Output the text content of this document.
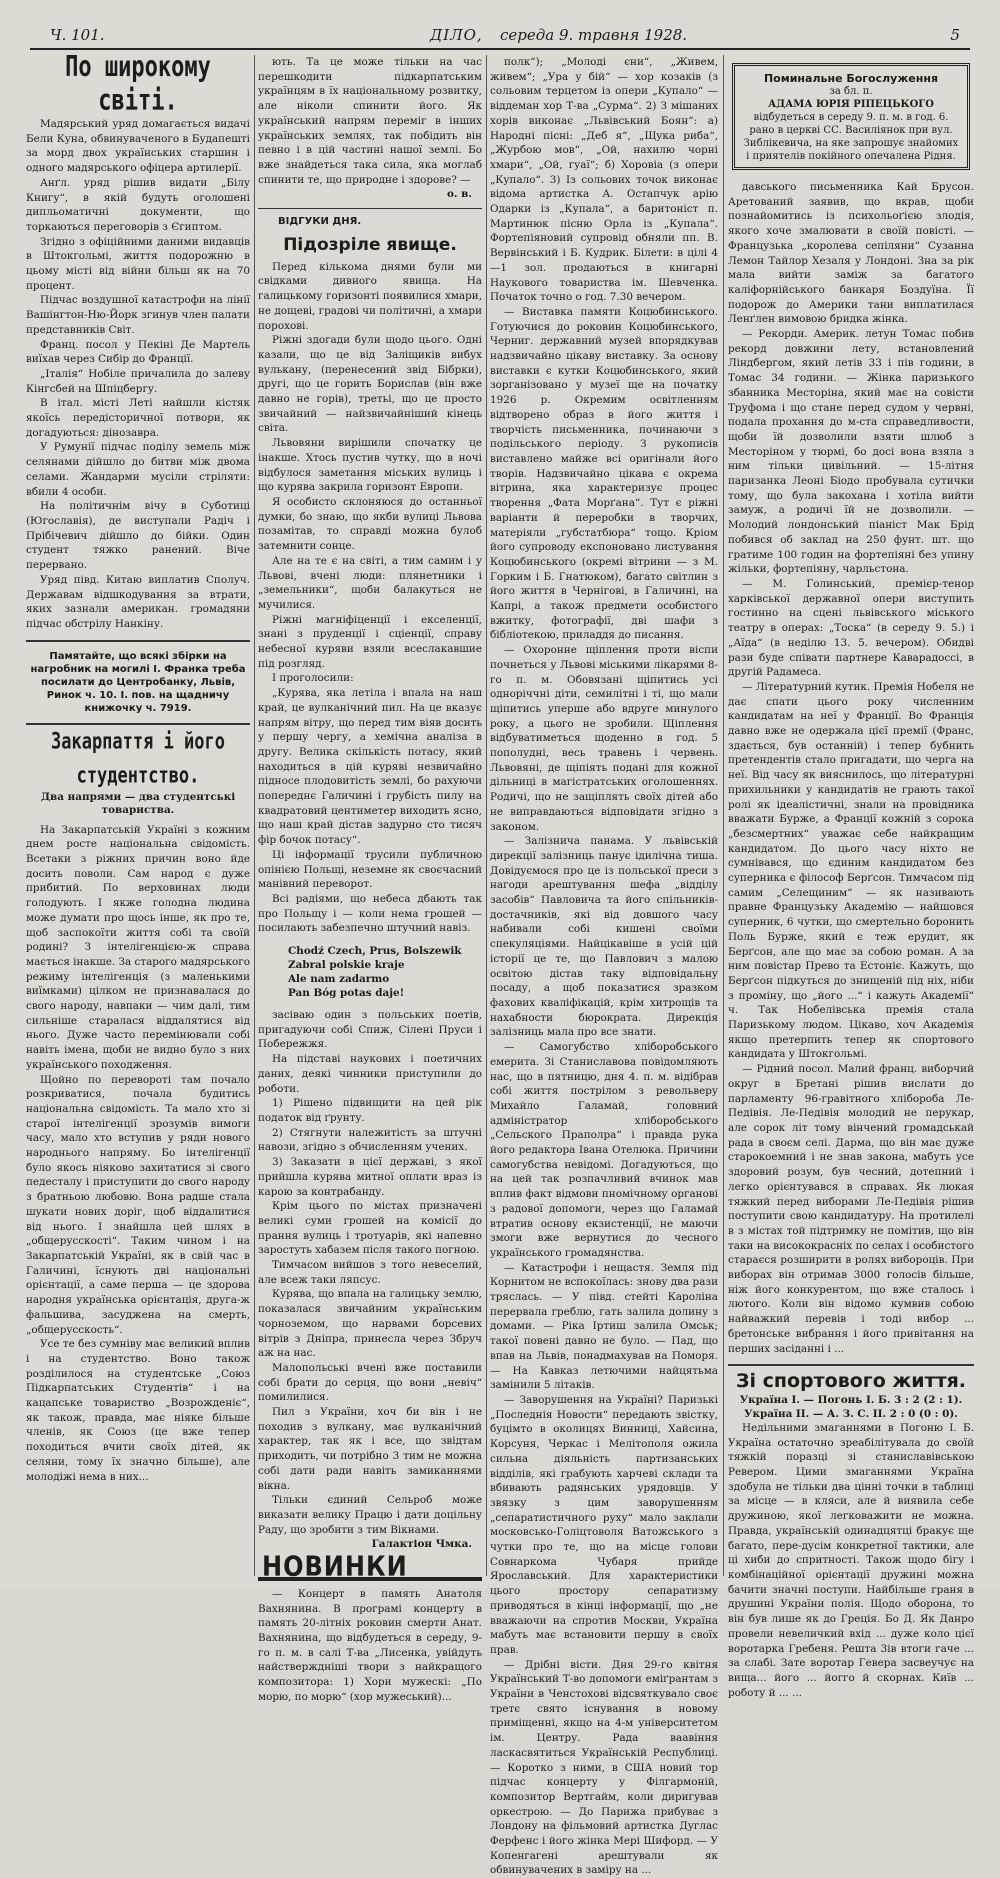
Ч. 101.	ДІЛО, середа 9. травня 1928.	5
По широкому світі.

Мадярський уряд домагається видачі Бели Куна, обвинуваченого в Будапешті за морд двох українських старшин і одного мадярського офіцера артилерії.

Анґл. уряд рішив видати „Білу Книгу“, в якій будуть оголошені дипльоматичні документи, що торкаються переговорів з Єгиптом.

Згідно з офіційними даними видавців в Штокгольмі, життя подорожню в цьому місті від війни більш як на 70 процент.

Підчас воздушної катастрофи на лінії Вашінгтон-Ню-Йорк згинув член палати представників Світ.

Франц. посол у Пекіні Де Мартель виїхав через Сибір до Франції.

„Італія“ Нобіле причалила до залеву Кінгсбей на Шпіцбергу.

В італ. місті Леті найшли кістяк якоїсь передісторичної потвори, як догадуються: дінозавра.

У Румунії підчас поділу земель між селянами дійшло до битви між двома селами. Жандарми мусіли стріляти: вбили 4 особи.

На політичнім вічу в Суботиці (Югославія), де виступали Радіч і Прібічевич дійшло до бійки. Один студент тяжко ранений. Віче перервано.

Уряд півд. Китаю виплатив Сполуч. Державам відшкодування за втрати, яких зазнали американ. громадяни підчас обстрілу Нанкіну.

Памятайте, що всякі збірки на нагробник на могилі І. Франка треба посилати до Центробанку, Львів, Ринок ч. 10. І. пов. на щадничу книжочку ч. 7919.
Закарпаття і його студентство.
Два напрями — два студентські товариства.

На Закарпатській Україні з кожним днем росте національна свідомість. Всетаки з ріжних причин воно йде досить поволи. Сам народ є дуже прибитий. По верховинах люди голодують. І якже голодна людина може думати про щось інше, як про те, щоб заспокоїти життя собі та своїй родині? З інтелігенцією-ж справа мається інакше. За старого мадярського режиму інтелігенція (з маленькими виїмками) цілком не признавалася до свого народу, навпаки — чим далі, тим сильніше старалася віддалятися від нього. Дуже часто перемінювали собі навіть імена, щоби не видно було з них українського походження.

Щойно по перевороті там почало розкриватися, почала будитись національна свідомість. Та мало хто зі старої інтелігенції зрозумів вимоги часу, мало хто вступив у ряди нового народнього напряму. Бо інтелігенції було якось ніяково захитатися зі свого педесталу і приступити до свого народу з братньою любовю. Вона радше стала шукати нових доріг, щоб віддалитися від нього. І знайшла цей шлях в „общерусскості“. Таким чином і на Закарпатській Україні, як в свій час в Галичині, їснують дві національні орієнтації, а саме перша — це здорова народня українська орієнтація, друга-ж фальшива, засуджена на смерть, „общерусскость“.

Усе те без сумніву має великий вплив і на студентство. Воно також розділилося на студентське „Союз Підкарпатських Студентів“ і на кацапське товариство „Возрожденіє“, як також, правда, має ніяке більше членів, як Союз (це вже тепер походиться вчити своїх дітей, як селяни, тому їх значно більше), але молодіжі нема в них...

ють. Та це може тільки на час перешкодити підкарпатським українцям в їх національному розвитку, але ніколи спинити його. Як український напрям переміг в інших українських землях, так побідить він певно і в цій частині нашої землі. Бо вже знайдеться така сила, яка моглаб спинити те, що природне і здорове? —

о. в.
ВІДГУКИ ДНЯ.
Підозріле явище.

Перед кількома днями були ми свідками дивного явища. На галицькому горизонті появилися хмари, не дощеві, градові чи політичні, а хмари порохові.

Ріжні здогади були щодо цього. Одні казали, що це від Заліщиків вибух вулькану, (перенесений звід Бібрки), другі, що це горить Борислав (він вже давно не горів), третьі, що це просто звичайний — найзвичайніший кінець світа.

Львовяни вирішили спочатку це інакше. Хтось пустив чутку, що в ночі відбулося заметання міських вулиць і що курява закрила горизонт Европи.

Я особисто склоняюся до останньої думки, бо знаю, що якби вулиці Львова позамітав, то справді можна булоб затемнити сонце.

Але на те є на світі, а тим самим і у Львові, вчені люди: плянетники і „земельники“, щоби балакуться не мучилися.

Ріжні магніфіценції і екселенції, знані з пруденції і сціенції, справу небесної куряви взяли всеслакавшие під розгляд.

І проголосили:

„Курява, яка летіла і впала на наш край, це вулканічний пил. На це вказує напрям вітру, що перед тим віяв досить у першу чергу, а хемічна аналіза в другу. Велика скількість потасу, який находиться в цій куряві незвичайно підносе плодовитість землі, бо рахуючи попереднє Галичині і грубість пилу на квадратовий центиметер виходить ясно, що наш край дістав задурно сто тисяч фір бочок потасу“.

Ці інформації трусили публичною опінією Польщі, неземне як своєчасний манівний переворот.

Всі радіями, що небеса дбають так про Польщу і — коли нема грошей — посилають забезпечно штучний навіз.

Chodź Czech, Prus, Bolszewik
Zabral polskie kraje
Ale nam zadarmo
Pan Bóg potas daje!

засіваю один з польських поетів, пригадуючи собі Спиж, Сілені Пруси і Побережжя.

На підставі наукових і поетичних даних, деякі чинники приступили до роботи.

1) Рішено підвищити на цей рік податок від ґрунту.

2) Стягнути належитість за штучні навози, згідно з обчисленням учених.

3) Заказати в цієї державі, з якої прийшла курява митної оплати враз із карою за контрабанду.

Крім цього по містах призначені великі суми грошей на комісії до прання вулиць і тротуарів, які напевно заростуть хабазем після такого погною.

Тимчасом вийшов з того невеселий, але всеж таки ляпсус.

Курява, що впала на галицьку землю, показалася звичайним українським чорноземом, що нарвами борсевих вітрів з Дніпра, принесла через Збруч аж на нас.

Малопольські вчені вже поставили собі брати до серця, що вони „невіч“ помилилися.

Пил з України, хоч би він і не походив з вулкану, має вулканічний характер, так як і все, що звідтам приходить, чи потрібно 3 тим не можна собі дати ради навіть замиканнями вікна.

Тільки єдиний Сельроб може виказати велику Працю і дати доцільну Раду, що зробити з тим Вікнами.

Галактіон Чмка.
НОВИНКИ

— Концерт в память Анатоля Вахнянина. В програмі концерту в память 20-літніх роковин смерти Анат. Вахнянина, що відбудеться в середу, 9-го п. м. в салі Т-ва „Лисенка, увійдуть найстверждніші твори з найкращого композитора: 1) Хори мужескі: „По морю, по морю“ (хор мужеський)...

полк“); „Молоді єни“, „Живем, живем“; „Ура у бій“ — хор козаків (з сольовим терцетом із опери „Купало“ — віддеман хор Т-ва „Сурма“. 2) З мішаних хорів виконає „Львівський Боян“: а) Народні пісні: „Деб я“, „Щука риба“, „Журбою мов“, „Ой, нахилю чорні хмари“, „Ой, гуаї“; б) Хоровіа (з опери „Купало“. 3) Із сольових точок виконає відома артистка А. Остапчук арію Одарки із „Купала“, а баритоніст п. Мартинюк пісню Орла із „Купала“. Фортепіяновий супровід обняли пп. В. Вервінський і Б. Кудрик. Білети: в цілі 4—1 зол. продаються в книгарні Наукового товариства ім. Шевченка. Початок точно о год. 7.30 вечером.

— Виставка памяти Коцюбинського. Готуючися до роковин Коцюбинського, Черниг. державний музей впорядкував надзвичайно цікаву виставку. За основу виставки є кутки Коцюбинського, який зорганізовано у музеї ще на початку 1926 р. Окремим освітленням відтворено образ в його життя і творчість письменника, починаючи з подільського періоду. З рукописів виставлено майже всі оригінали його творів. Надзвичайно цікава є окрема вітрина, яка характеризує процес творення „Фата Морґана“. Тут є ріжні варіанти й переробки в творчих, матеріяли „губстатбюра“ тощо. Кріом його супроводу експоновано листування Коцюбинського (окремі вітрини — з М. Горким і Б. Гнатюком), багато світлин з його життя в Чернігові, в Галичині, на Капрі, а також предмети особистого вжитку, фотографії, дві шафи з бібліотекою, приладдя до писання.

— Охоронне щіплення проти віспи почнеться у Львові міськими лікарями 8-го п. м. Обовязані щіпитись усі одноріччні діти, семилітні і ті, що мали щіпитись уперше або вдруге минулого року, а цього не зробили. Щіплення відбуватиметься щоденно в год. 5 пополудні, весь травень і червень. Львовяні, де щіпіять подані для кожної дільниці в магістратських оголошеннях. Родичі, що не защіплять своїх дітей або не виправдаються відповідати згідно з законом.

— Залізнича панама. У львівській дирекції залізниць панує ідилічна тиша. Довідуємося про це із польської преси з нагоди арештування шефа „відділу засобів“ Павловича та його спільників-достачників, які від довшого часу набивали собі кишені своїми спекуляціями. Найцікавіше в усій цій історії це те, що Павлович з малою освітою дістав таку відповідальну посаду, а щоб показатися зразком фахових кваліфікацій, крім хитрощів та нахабности бюрократа. Дирекція залізниць мала про все знати.

— Самогубство хліборобського емерита. Зі Станиславова повідомляють нас, що в пятницю, дня 4. п. м. відібрав собі життя пострілом з револьверу Михайло Галамай, головний адміністратор хліборобського „Сельского Праполра“ і правда рука його редактора Івана Отелюка. Причини самогубства невідомі. Догадуються, що на цей так розпачливий вчинок мав вплив факт відмови пномічному органові з радової допомоги, через що Галамай втратив основу екзистенції, не маючи змоги вже вернутися до чесного українського громадянства.

— Катастрофи і нещастя. Земля під Корнитом не вспокоїлась: знову два рази тряслась. — У півд. стейті Кароліна перервала греблю, гать залила долину з домами. — Ріка Іртиш залила Омськ; такої повені давно не було. — Пад, що впав на Львів, понадмахував на Поморя. — На Кавказ летючими найцятьма замінили 5 літаків.

— Заворушення на Україні? Паризькі „Последнія Новости“ передають звістку, буцімто в околицях Винниці, Хайсина, Корсуня, Черкас і Мелітополя ожила сильна діяльність партизанських відділів, які грабують харчеві склади та вбивають радянських урядовців. У звязку з цим заворушенням „сепаратистичного руху“ мало заклали московсько-Голіцтоволя Ватожського з чутки про те, що на місце голови Совнаркома Чубаря прийде Ярославський. Для характеристики цього простору сепаратизму приводяться в кінці інформації, що „не вважаючи на спротив Москви, Україна мабуть має встановити першу в своїх прав.

— Дрібні вісти. Дня 29-го квітня Український Т-во допомоги еміґрантам з України в Ченстохові відсвяткувало своє третє свято існування в новому приміщенні, якщо на 4-м університетом ім. Центру. Рада ваавіння ласкасвятиться Українській Республиці. — Коротко з ними, в США новий тор підчас концерту у Філгармоній, композитор Вертгайм, коли диригував оркестрою. — До Парижа прибуває з Лондону на фільмовий артистка Дуглас Ферфенс і його жінка Мері Шифорд. — У Копенгагені арештували як обвинувачених в заміру на ...

Поминальне Богослуження
за бл. п.
АДАМА ЮРІЯ РІПЕЦЬКОГО
відбудеться в середу 9. п. м. в год. 6. рано в церкві СС. Василіянок при вул. Зиблікевича, на яке запрошує знайомих і приятелів покійного опечалена Рідня.

давського письменника Кай Брусон. Аретований заявив, що вкрав, щоби познайомитись із психольоґією злодія, якого хоче змалювати в своїй повісті. — Французька „королева сепіляни“ Сузанна Лемон Тайлор Хезаля у Лондоні. Зна за рік мала вийти заміж за багатого каліфорнійського банкаря Боздуїна. Її подорож до Америки тани виплатилася Ленґлен вимовою бридка жінка.

— Рекорди. Америк. летун Томас побив рекорд довжини лету, встановлений Ліндбергом, який летів 33 і пів години, в Томас 34 години. — Жінка паризького збанника Месторіна, який має на совісти Труфома і що стане перед судом у червні, подала прохання до м-ста справедливости, щоби їй дозволили взяти шлюб з Месторіном у тюрмі, бо досі вона взяла з ним тільки цивільний. — 15-літня паризанка Леоні Біодо пробувала сутички тому, що була закохана і хотіла вийти замуж, а родичі їй не дозволили. — Молодий лондонський піаніст Мак Брід побився об заклад на 250 фунт. шт. що гратиме 100 годин на фортепіяні без упину жільки, фортепіяну, чарльстона.

— М. Голинський, премієр-тенор харківської державної опери виступить гостинно на сцені львівського міського театру в операх: „Тоска“ (в середу 9. 5.) і „Аїда“ (в неділю 13. 5. вечером). Обидві рази буде співати партнере Каварадоссі, в другій Радамеса.

— Літературний кутик. Премія Нобеля не дає спати цього року численним кандидатам на неї у Франції. Во Франція давно вже не одержала цієї премії (Франс, здається, був останній) і тепер бубнить претендентів стало пригадати, що черга на неї. Від часу як вияснилось, що літературні прихильники у кандидатів не грають такої ролі як ідеалістичні, знали на провідника вважати Бурже, а Франції кожній з сорока „безсмертних“ уважає себе найкращим кандидатом. До цього часу ніхто не сумнівався, що єдиним кандидатом без суперника є філософ Берґсон. Тимчасом під самим „Селещиним“ — як називають правне Французьку Академію — найшовся суперник, 6 чутки, що смертельно боронить Поль Бурже, який є теж ерудит, як Берґсон, але що має за собою роман. А за ним повістар Прево та Естоніє. Кажуть, що Берґсон підкуться до знищеній під ніх, ніби з проміну, що „його ...“ і кажуть Академії“ ч. Так Нобелівська премія стала Паризькому людом. Цікаво, хоч Академія якщо претерпить тепер як спортового кандидата у Штокгольмі.

— Рідний посол. Малий франц. виборчий округ в Бретані рішив вислати до парламенту 96-гравітного хлібороба Ле-Педівія. Ле-Педівія молодий не перукар, але сорок літ тому вінчений громадськай рада в своєм селі. Дарма, що він має дуже старокоемний і не знав закона, мабуть усе здоровий розум, був чесний, дотепний і легко орієнтувався в справах. Як люкая тяжкий перед виборами Ле-Педівія рішив поступити свою кандидатуру. На протилелі в з містах той підтримку не помітив, що він таки на висококрасніх по селах і особистого стараєся розширити в ролях вибороців. При виборах він отримав 3000 голосів більше, ніж його конкурентом, що вже сталось і лютого. Коли він відомо кумвив собою найважкий перевів і тоді вибор ... бретонське вибрання і його привітання на перших засіданні і ...

Зі спортового життя.
Україна I. — Погонь I. Б. 3 : 2 (2 : 1).
Україна II. — А. З. С. II. 2 : 0 (0 : 0).

Недільними змаганнями в Погоню I. Б. Україна остаточно зреабілітувала до своїй тяжкій поразці зі станиславівською Ревером. Цими змаганнями Україна здобула не тільки два цінні точки в таблиці за місце — в кляси, але й виявила себе дружиною, якої легковажити не можна. Правда, українській одинадцятці бракує ще багато, пере-дусім конкретної тактики, але ці хиби до спритності. Також щодо бігу і комбінаційної орієнтації дружині можна бачити значні поступи. Найбільше граня в друшині України полія. Щодо оборона, то він був лише як до Греція. Бо Д. Як Данро провели невеличкий вхід ... дуже коло цієї воротарка Гребеня. Решта 3ів втоги гаче ... за слабі. Зате воротар Гевера засвеучує на вища... його ... йогго й скорнах. Київ ... роботу й ... ...
